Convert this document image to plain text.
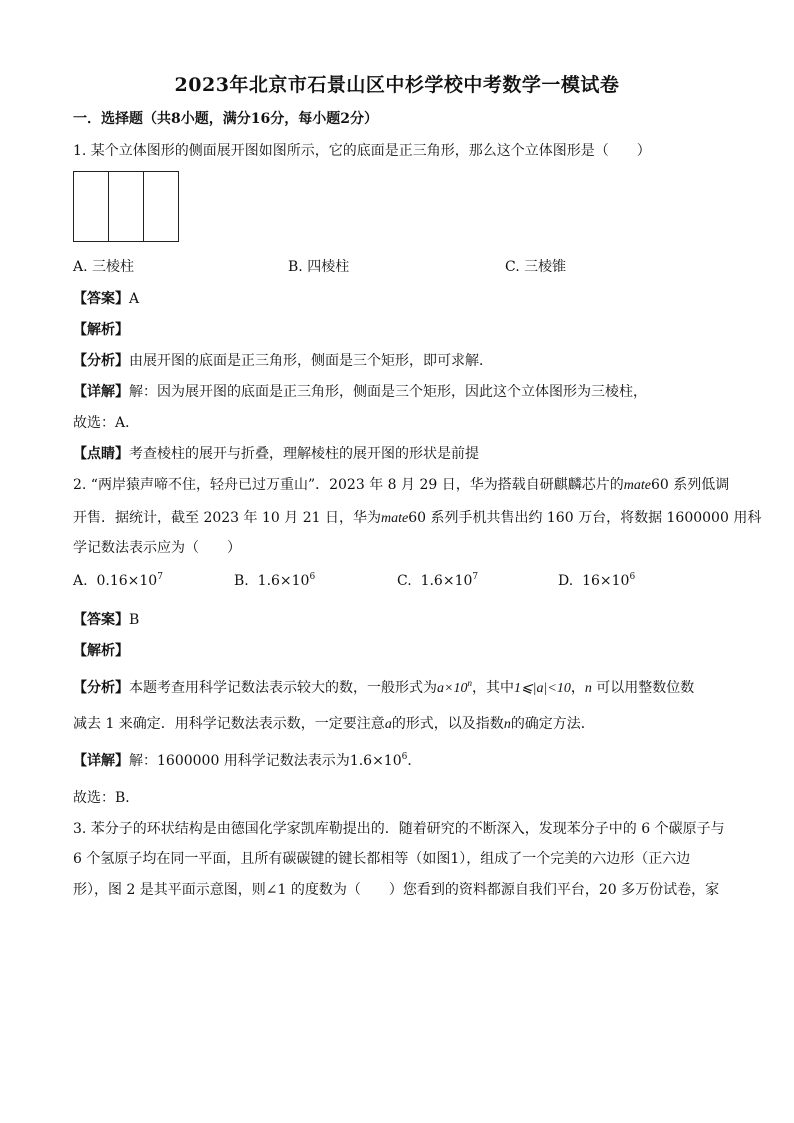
2023年北京市石景山区中杉学校中考数学一模试卷
一．选择题（共8小题，满分16分，每小题2分）
1. 某个立体图形的侧面展开图如图所示，它的底面是正三角形，那么这个立体图形是（　　）
A. 三棱柱	B. 四棱柱	C. 三棱锥
【答案】A
【解析】
【分析】由展开图的底面是正三角形，侧面是三个矩形，即可求解．
【详解】解：因为展开图的底面是正三角形，侧面是三个矩形，因此这个立体图形为三棱柱，
故选：A．
【点睛】考查棱柱的展开与折叠，理解棱柱的展开图的形状是前提
2. “两岸猿声啼不住，轻舟已过万重山”．2023 年 8 月 29 日，华为搭载自研麒麟芯片的mate60 系列低调
开售．据统计，截至 2023 年 10 月 21 日，华为mate60 系列手机共售出约 160 万台，将数据 1600000 用科
学记数法表示应为（　　）
A. $0.16\times 10^7$	B. $1.6\times 10^6$	C. $1.6\times 10^7$	D. $16\times 10^6$
【答案】B
【解析】
【分析】本题考查用科学记数法表示较大的数，一般形式为$a\times 10^n$，其中1⩽|a|<10，n 可以用整数位数
减去 1 来确定．用科学记数法表示数，一定要注意a的形式，以及指数n的确定方法．
【详解】解：1600000 用科学记数法表示为$1.6\times 10^6$．
故选：B．
3. 苯分子的环状结构是由德国化学家凯库勒提出的．随着研究的不断深入，发现苯分子中的 6 个碳原子与
6 个氢原子均在同一平面，且所有碳碳键的键长都相等（如图1），组成了一个完美的六边形（正六边
形），图 2 是其平面示意图，则∠1 的度数为（　　）您看到的资料都源自我们平台，20 多万份试卷，家
